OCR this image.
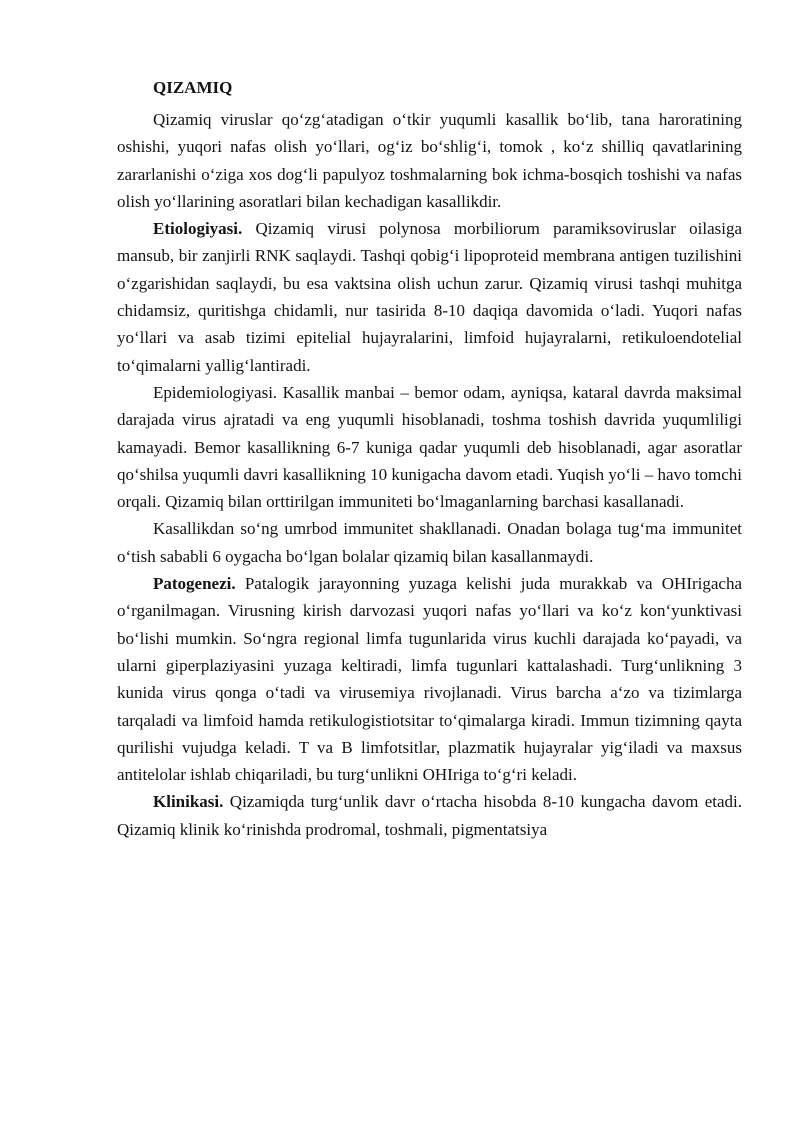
QIZAMIQ

Qizamiq viruslar qo‘zg‘atadigan o‘tkir yuqumli kasallik bo‘lib, tana haroratining oshishi, yuqori nafas olish yo‘llari, og‘iz bo‘shlig‘i, tomok , ko‘z shilliq qavatlarining zararlanishi o‘ziga xos dog‘li papulyoz toshmalarning bok ichma-bosqich toshishi va nafas olish yo‘llarining asoratlari bilan kechadigan kasallikdir.

Etiologiyasi. Qizamiq virusi polynosa morbiliorum paramiksoviruslar oilasiga mansub, bir zanjirli RNK saqlaydi. Tashqi qobig‘i lipoproteid membrana antigen tuzilishini o‘zgarishidan saqlaydi, bu esa vaktsina olish uchun zarur. Qizamiq virusi tashqi muhitga chidamsiz, quritishga chidamli, nur tasirida 8-10 daqiqa davomida o‘ladi. Yuqori nafas yo‘llari va asab tizimi epitelial hujayralarini, limfoid hujayralarni, retikuloendotelial to‘qimalarni yallig‘lantiradi.

Epidemiologiyasi. Kasallik manbai – bemor odam, ayniqsa, kataral davrda maksimal darajada virus ajratadi va eng yuqumli hisoblanadi, toshma toshish davrida yuqumliligi kamayadi. Bemor kasallikning 6-7 kuniga qadar yuqumli deb hisoblanadi, agar asoratlar qo‘shilsa yuqumli davri kasallikning 10 kunigacha davom etadi. Yuqish yo‘li – havo tomchi orqali. Qizamiq bilan orttirilgan immuniteti bo‘lmaganlarning barchasi kasallanadi.

Kasallikdan so‘ng umrbod immunitet shakllanadi. Onadan bolaga tug‘ma immunitet o‘tish sababli 6 oygacha bo‘lgan bolalar qizamiq bilan kasallanmaydi.

Patogenezi. Patalogik jarayonning yuzaga kelishi juda murakkab va OHIrigacha o‘rganilmagan. Virusning kirish darvozasi yuqori nafas yo‘llari va ko‘z kon‘yunktivasi bo‘lishi mumkin. So‘ngra regional limfa tugunlarida virus kuchli darajada ko‘payadi, va ularni giperplaziyasini yuzaga keltiradi, limfa tugunlari kattalashadi. Turg‘unlikning 3 kunida virus qonga o‘tadi va virusemiya rivojlanadi. Virus barcha a‘zo va tizimlarga tarqaladi va limfoid hamda retikulogistiotsitar to‘qimalarga kiradi. Immun tizimning qayta qurilishi vujudga keladi. T va B limfotsitlar, plazmatik hujayralar yig‘iladi va maxsus antitelolar ishlab chiqariladi, bu turg‘unlikni OHIriga to‘g‘ri keladi.

Klinikasi. Qizamiqda turg‘unlik davr o‘rtacha hisobda 8-10 kungacha davom etadi. Qizamiq klinik ko‘rinishda prodromal, toshmali, pigmentatsiya
